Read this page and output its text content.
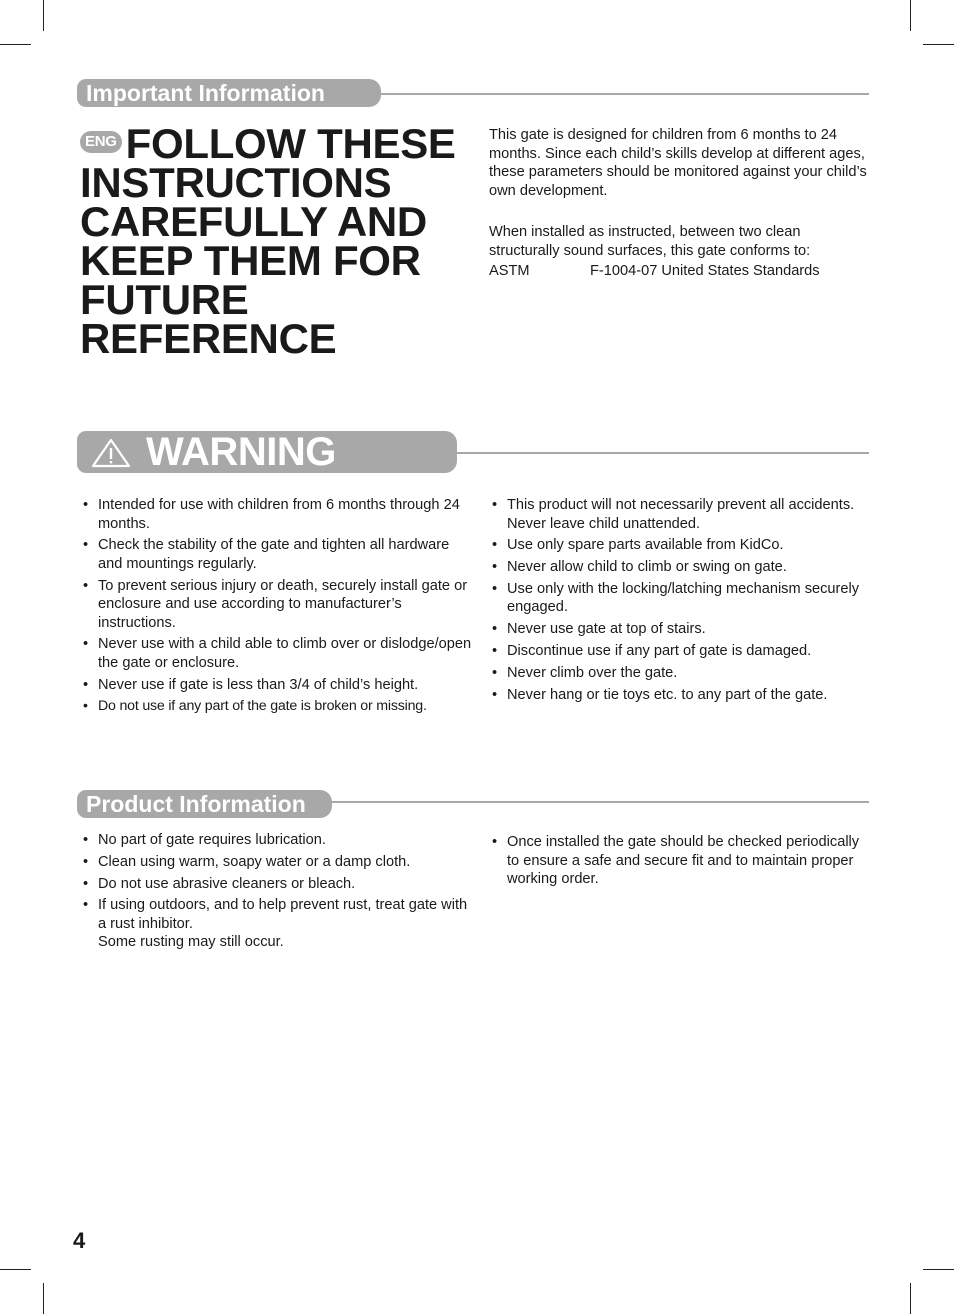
Important Information
ENG FOLLOW THESE
INSTRUCTIONS
CAREFULLY AND
KEEP THEM FOR
FUTURE
REFERENCE

This gate is designed for children from 6 months to 24 months. Since each child’s skills develop at different ages, these parameters should be monitored against your child’s own development.

When installed as instructed, between two clean structurally sound surfaces, this gate conforms to:

ASTM	F-1004-07 United States Standards
WARNING
• Intended for use with children from 6 months through 24 months.
• Check the stability of the gate and tighten all hardware and mountings regularly.
• To prevent serious injury or death, securely install gate or enclosure and use according to manufacturer’s instructions.
• Never use with a child able to climb over or dislodge/open the gate or enclosure.
• Never use if gate is less than 3/4 of child’s height.
• Do not use if any part of the gate is broken or missing.
• This product will not necessarily prevent all accidents. Never leave child unattended.
• Use only spare parts available from KidCo.
• Never allow child to climb or swing on gate.
• Use only with the locking/latching mechanism securely engaged.
• Never use gate at top of stairs.
• Discontinue use if any part of gate is damaged.
• Never climb over the gate.
• Never hang or tie toys etc. to any part of the gate.
Product Information
• No part of gate requires lubrication.
• Clean using warm, soapy water or a damp cloth.
• Do not use abrasive cleaners or bleach.
• If using outdoors, and to help prevent rust, treat gate with a rust inhibitor.
Some rusting may still occur.
• Once installed the gate should be checked periodically to ensure a safe and secure fit and to maintain proper working order.
4
